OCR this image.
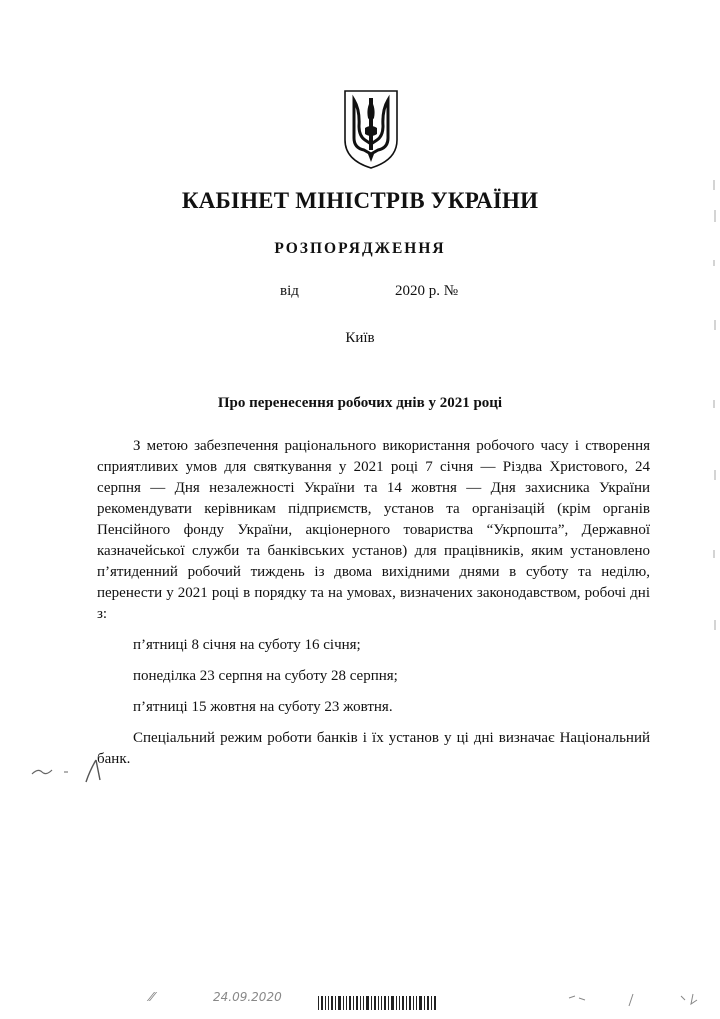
КАБІНЕТ МІНІСТРІВ УКРАЇНИ
РОЗПОРЯДЖЕННЯ
від	2020 р. №
Київ
Про перенесення робочих днів у 2021 році

З метою забезпечення раціонального використання робочого часу і створення сприятливих умов для святкування у 2021 році 7 січня — Різдва Христового, 24 серпня — Дня незалежності України та 14 жовтня — Дня захисника України рекомендувати керівникам підприємств, установ та організацій (крім органів Пенсійного фонду України, акціонерного товариства “Укрпошта”, Державної казначейської служби та банківських установ) для працівників, яким установлено п’ятиденний робочий тиждень із двома вихідними днями в суботу та неділю, перенести у 2021 році в порядку та на умовах, визначених законодавством, робочі дні з:

п’ятниці 8 січня на суботу 16 січня;

понеділка 23 серпня на суботу 28 серпня;

п’ятниці 15 жовтня на суботу 23 жовтня.

Спеціальний режим роботи банків і їх установ у ці дні визначає Національний банк.

⁄⁄	24.09.2020
